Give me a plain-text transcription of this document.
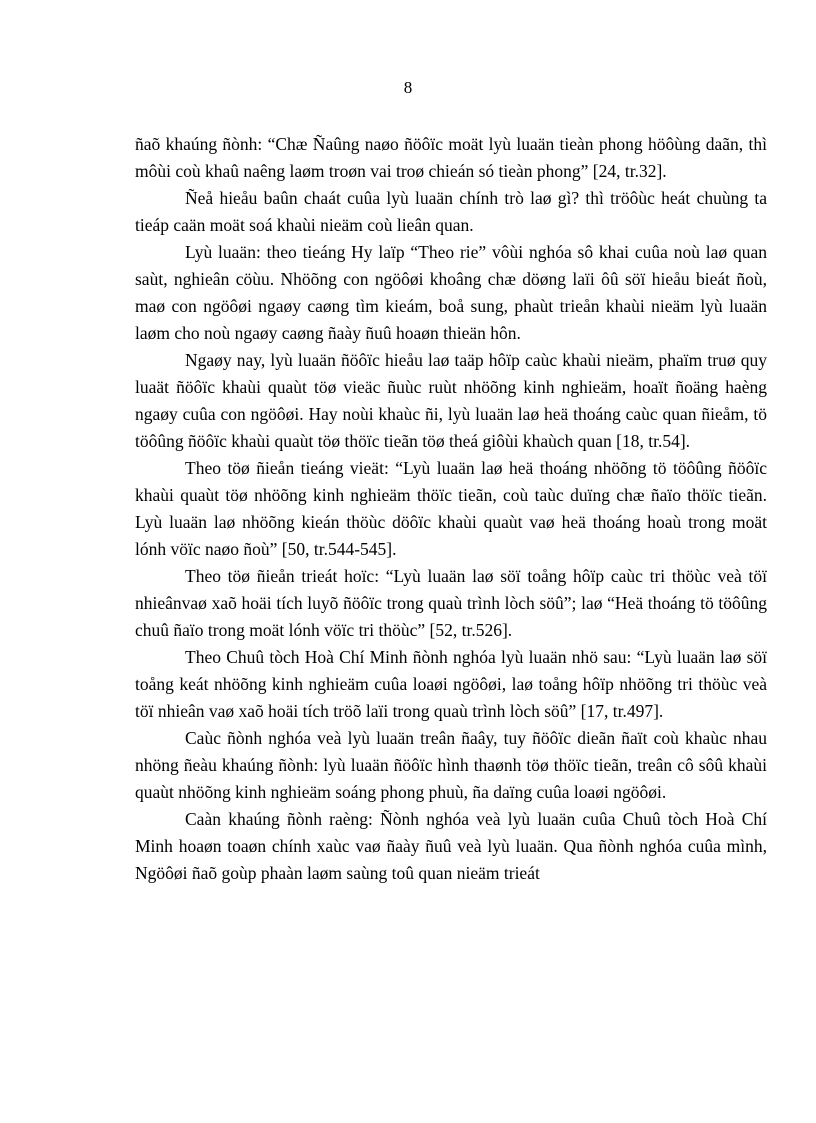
8

ñaõ khaúng ñònh: “Chæ Ñaûng naøo ñöôïc moät lyù luaän tieàn phong höôùng daãn, thì môùi coù khaû naêng laøm troøn vai troø chieán só tieàn phong” [24, tr.32].

Ñeå hieåu baûn chaát cuûa lyù luaän chính trò laø gì? thì tröôùc heát chuùng ta tieáp caän moät soá khaùi nieäm coù lieân quan.

Lyù luaän: theo tieáng Hy laïp “Theo rie” vôùi nghóa sô khai cuûa noù laø quan saùt, nghieân cöùu. Nhöõng con ngöôøi khoâng chæ döøng laïi ôû söï hieåu bieát ñoù, maø con ngöôøi ngaøy caøng tìm kieám, boå sung, phaùt trieån khaùi nieäm lyù luaän laøm cho noù ngaøy caøng ñaày ñuû hoaøn thieän hôn.

Ngaøy nay, lyù luaän ñöôïc hieåu laø taäp hôïp caùc khaùi nieäm, phaïm truø quy luaät ñöôïc khaùi quaùt töø vieäc ñuùc ruùt nhöõng kinh nghieäm, hoaït ñoäng haèng ngaøy cuûa con ngöôøi. Hay noùi khaùc ñi, lyù luaän laø heä thoáng caùc quan ñieåm, tö töôûng ñöôïc khaùi quaùt töø thöïc tieãn töø theá giôùi khaùch quan [18, tr.54].

Theo töø ñieån tieáng vieät: “Lyù luaän laø heä thoáng nhöõng tö töôûng ñöôïc khaùi quaùt töø nhöõng kinh nghieäm thöïc tieãn, coù taùc duïng chæ ñaïo thöïc tieãn. Lyù luaän laø nhöõng kieán thöùc döôïc khaùi quaùt vaø heä thoáng hoaù trong moät lónh vöïc naøo ñoù” [50, tr.544-545].

Theo töø ñieån trieát hoïc: “Lyù luaän laø söï toång hôïp caùc tri thöùc veà töï nhieânvaø xaõ hoäi tích luyõ ñöôïc trong quaù trình lòch söû”; laø “Heä thoáng tö töôûng chuû ñaïo trong moät lónh vöïc tri thöùc” [52, tr.526].

Theo Chuû tòch Hoà Chí Minh ñònh nghóa lyù luaän nhö sau: “Lyù luaän laø söï toång keát nhöõng kinh nghieäm cuûa loaøi ngöôøi, laø toång hôïp nhöõng tri thöùc veà töï nhieân vaø xaõ hoäi tích tröõ laïi trong quaù trình lòch söû” [17, tr.497].

Caùc ñònh nghóa veà lyù luaän treân ñaây, tuy ñöôïc dieãn ñaït coù khaùc nhau nhöng ñeàu khaúng ñònh: lyù luaän ñöôïc hình thaønh töø thöïc tieãn, treân cô sôû khaùi quaùt nhöõng kinh nghieäm soáng phong phuù, ña daïng cuûa loaøi ngöôøi.

Caàn khaúng ñònh raèng: Ñònh nghóa veà lyù luaän cuûa Chuû tòch Hoà Chí Minh hoaøn toaøn chính xaùc vaø ñaày ñuû veà lyù luaän. Qua ñònh nghóa cuûa mình, Ngöôøi ñaõ goùp phaàn laøm saùng toû quan nieäm trieát
